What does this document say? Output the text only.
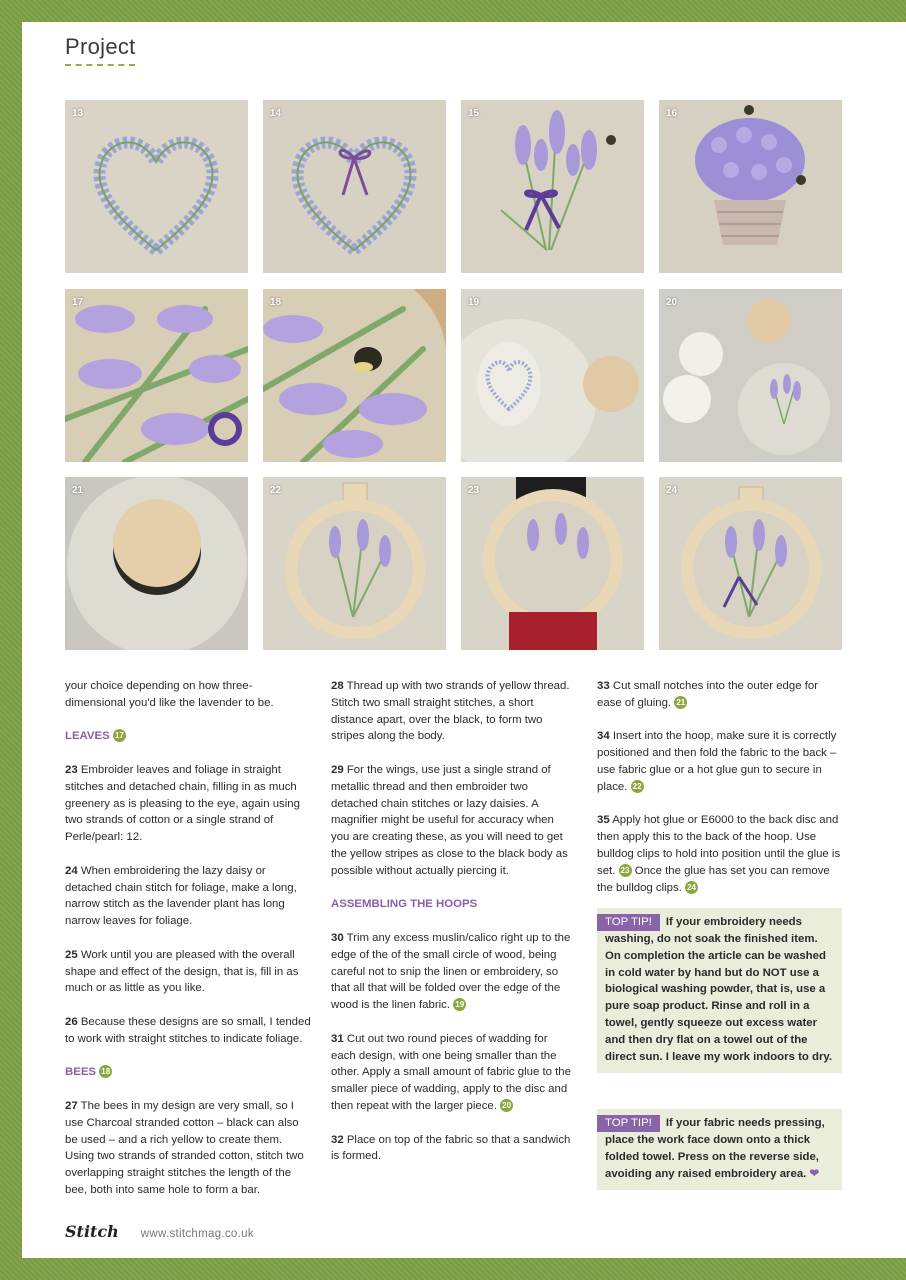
Project
13	14	15	16
17	18	19	20
21	22	23	24

your choice depending on how three-dimensional you'd like the lavender to be.

LEAVES 17

23 Embroider leaves and foliage in straight stitches and detached chain, filling in as much greenery as is pleasing to the eye, again using two strands of cotton or a single strand of Perle/pearl: 12.

24 When embroidering the lazy daisy or detached chain stitch for foliage, make a long, narrow stitch as the lavender plant has long narrow leaves for foliage.

25 Work until you are pleased with the overall shape and effect of the design, that is, fill in as much or as little as you like.

26 Because these designs are so small, I tended to work with straight stitches to indicate foliage.

BEES 18

27 The bees in my design are very small, so I use Charcoal stranded cotton – black can also be used – and a rich yellow to create them. Using two strands of stranded cotton, stitch two overlapping straight stitches the length of the bee, both into same hole to form a bar.

28 Thread up with two strands of yellow thread. Stitch two small straight stitches, a short distance apart, over the black, to form two stripes along the body.

29 For the wings, use just a single strand of metallic thread and then embroider two detached chain stitches or lazy daisies. A magnifier might be useful for accuracy when you are creating these, as you will need to get the yellow stripes as close to the black body as possible without actually piercing it.

ASSEMBLING THE HOOPS

30 Trim any excess muslin/calico right up to the edge of the of the small circle of wood, being careful not to snip the linen or embroidery, so that all that will be folded over the edge of the wood is the linen fabric. 19

31 Cut out two round pieces of wadding for each design, with one being smaller than the other. Apply a small amount of fabric glue to the smaller piece of wadding, apply to the disc and then repeat with the larger piece. 20

32 Place on top of the fabric so that a sandwich is formed.

33 Cut small notches into the outer edge for ease of gluing. 21

34 Insert into the hoop, make sure it is correctly positioned and then fold the fabric to the back – use fabric glue or a hot glue gun to secure in place. 22

35 Apply hot glue or E6000 to the back disc and then apply this to the back of the hoop. Use bulldog clips to hold into position until the glue is set. 23 Once the glue has set you can remove the bulldog clips. 24

TOP TIP! If your embroidery needs washing, do not soak the finished item. On completion the article can be washed in cold water by hand but do NOT use a biological washing powder, that is, use a pure soap product. Rinse and roll in a towel, gently squeeze out excess water and then dry flat on a towel out of the direct sun. I leave my work indoors to dry.
TOP TIP! If your fabric needs pressing, place the work face down onto a thick folded towel. Press on the reverse side, avoiding any raised embroidery area. ❤
Stitch www.stitchmag.co.uk
